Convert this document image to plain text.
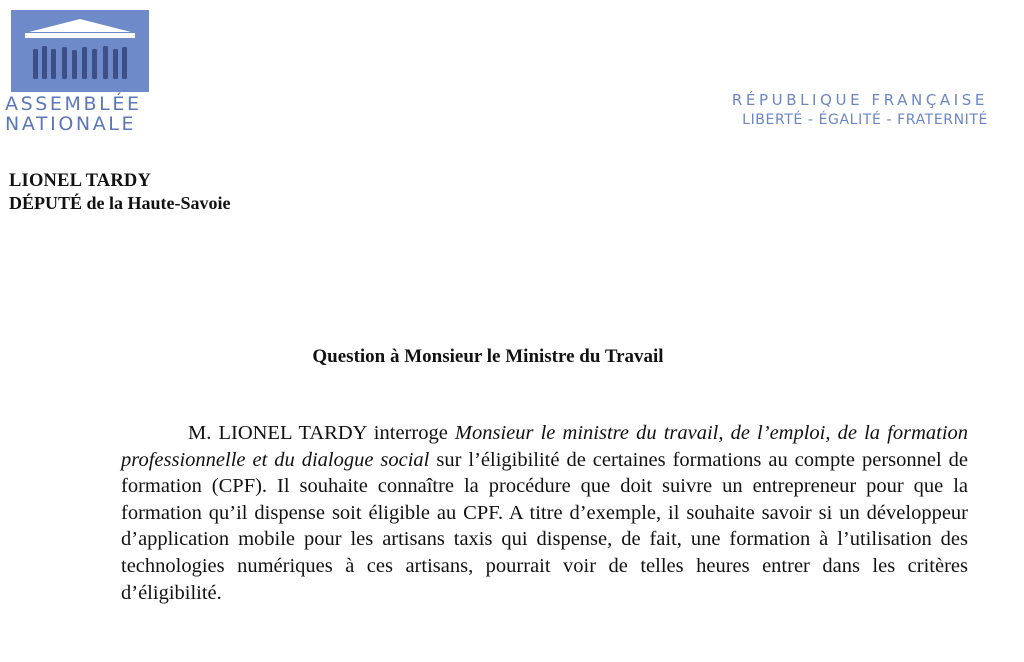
ASSEMBLÉE
NATIONALE
RÉPUBLIQUE FRANÇAISE
LIBERTÉ - ÉGALITÉ - FRATERNITÉ
LIONEL TARDY
DÉPUTÉ de la Haute-Savoie
Question à Monsieur le Ministre du Travail
M. LIONEL TARDY interroge Monsieur le ministre du travail, de l’emploi, de la formation professionnelle et du dialogue social sur l’éligibilité de certaines formations au compte personnel de formation (CPF). Il souhaite connaître la procédure que doit suivre un entrepreneur pour que la formation qu’il dispense soit éligible au CPF. A titre d’exemple, il souhaite savoir si un développeur d’application mobile pour les artisans taxis qui dispense, de fait, une formation à l’utilisation des technologies numériques à ces artisans, pourrait voir de telles heures entrer dans les critères d’éligibilité.
